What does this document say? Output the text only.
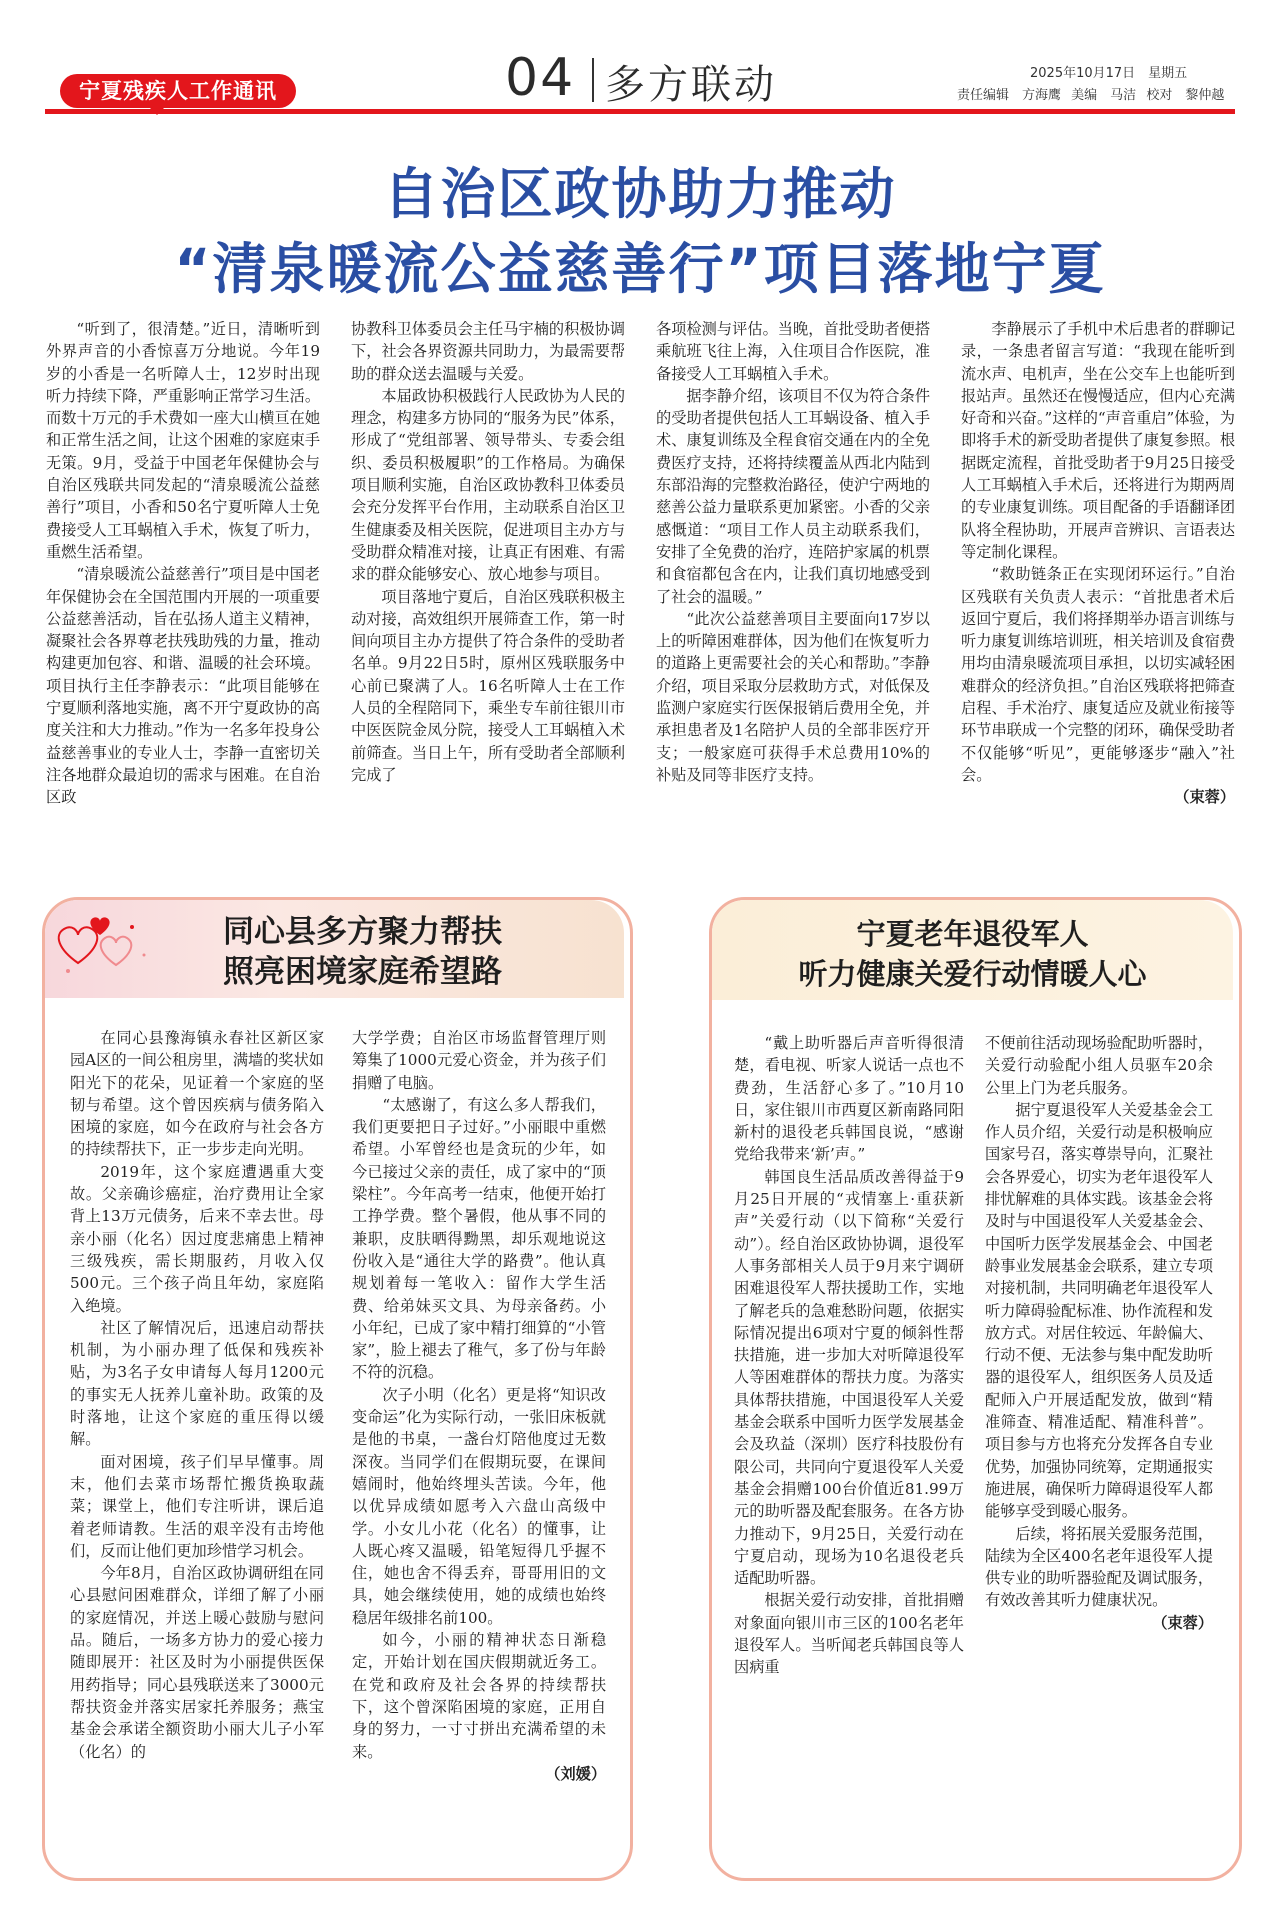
宁夏残疾人工作通讯	04 多方联动	2025年10月17日　星期五
责任编辑　方海鹰 美编　马洁 校对　黎仲越
自治区政协助力推动
“清泉暖流公益慈善行”项目落地宁夏

“听到了，很清楚。”近日，清晰听到外界声音的小香惊喜万分地说。今年19岁的小香是一名听障人士，12岁时出现听力持续下降，严重影响正常学习生活。而数十万元的手术费如一座大山横亘在她和正常生活之间，让这个困难的家庭束手无策。9月，受益于中国老年保健协会与自治区残联共同发起的“清泉暖流公益慈善行”项目，小香和50名宁夏听障人士免费接受人工耳蜗植入手术，恢复了听力，重燃生活希望。

“清泉暖流公益慈善行”项目是中国老年保健协会在全国范围内开展的一项重要公益慈善活动，旨在弘扬人道主义精神，凝聚社会各界尊老扶残助残的力量，推动构建更加包容、和谐、温暖的社会环境。项目执行主任李静表示：“此项目能够在宁夏顺利落地实施，离不开宁夏政协的高度关注和大力推动。”作为一名多年投身公益慈善事业的专业人士，李静一直密切关注各地群众最迫切的需求与困难。在自治区政

协教科卫体委员会主任马宇楠的积极协调下，社会各界资源共同助力，为最需要帮助的群众送去温暖与关爱。

本届政协积极践行人民政协为人民的理念，构建多方协同的“服务为民”体系，形成了“党组部署、领导带头、专委会组织、委员积极履职”的工作格局。为确保项目顺利实施，自治区政协教科卫体委员会充分发挥平台作用，主动联系自治区卫生健康委及相关医院，促进项目主办方与受助群众精准对接，让真正有困难、有需求的群众能够安心、放心地参与项目。

项目落地宁夏后，自治区残联积极主动对接，高效组织开展筛查工作，第一时间向项目主办方提供了符合条件的受助者名单。9月22日5时，原州区残联服务中心前已聚满了人。16名听障人士在工作人员的全程陪同下，乘坐专车前往银川市中医医院金凤分院，接受人工耳蜗植入术前筛查。当日上午，所有受助者全部顺利完成了

各项检测与评估。当晚，首批受助者便搭乘航班飞往上海，入住项目合作医院，准备接受人工耳蜗植入手术。

据李静介绍，该项目不仅为符合条件的受助者提供包括人工耳蜗设备、植入手术、康复训练及全程食宿交通在内的全免费医疗支持，还将持续覆盖从西北内陆到东部沿海的完整救治路径，使沪宁两地的慈善公益力量联系更加紧密。小香的父亲感慨道：“项目工作人员主动联系我们，安排了全免费的治疗，连陪护家属的机票和食宿都包含在内，让我们真切地感受到了社会的温暖。”

“此次公益慈善项目主要面向17岁以上的听障困难群体，因为他们在恢复听力的道路上更需要社会的关心和帮助。”李静介绍，项目采取分层救助方式，对低保及监测户家庭实行医保报销后费用全免，并承担患者及1名陪护人员的全部非医疗开支；一般家庭可获得手术总费用10%的补贴及同等非医疗支持。

李静展示了手机中术后患者的群聊记录，一条患者留言写道：“我现在能听到流水声、电机声，坐在公交车上也能听到报站声。虽然还在慢慢适应，但内心充满好奇和兴奋。”这样的“声音重启”体验，为即将手术的新受助者提供了康复参照。根据既定流程，首批受助者于9月25日接受人工耳蜗植入手术后，还将进行为期两周的专业康复训练。项目配备的手语翻译团队将全程协助，开展声音辨识、言语表达等定制化课程。

“救助链条正在实现闭环运行。”自治区残联有关负责人表示：“首批患者术后返回宁夏后，我们将择期举办语言训练与听力康复训练培训班，相关培训及食宿费用均由清泉暖流项目承担，以切实减轻困难群众的经济负担。”自治区残联将把筛查启程、手术治疗、康复适应及就业衔接等环节串联成一个完整的闭环，确保受助者不仅能够“听见”，更能够逐步“融入”社会。

（束蓉）
同心县多方聚力帮扶
照亮困境家庭希望路

在同心县豫海镇永春社区新区家园A区的一间公租房里，满墙的奖状如阳光下的花朵，见证着一个家庭的坚韧与希望。这个曾因疾病与债务陷入困境的家庭，如今在政府与社会各方的持续帮扶下，正一步步走向光明。

2019年，这个家庭遭遇重大变故。父亲确诊癌症，治疗费用让全家背上13万元债务，后来不幸去世。母亲小丽（化名）因过度悲痛患上精神三级残疾，需长期服药，月收入仅500元。三个孩子尚且年幼，家庭陷入绝境。

社区了解情况后，迅速启动帮扶机制，为小丽办理了低保和残疾补贴，为3名子女申请每人每月1200元的事实无人抚养儿童补助。政策的及时落地，让这个家庭的重压得以缓解。

面对困境，孩子们早早懂事。周末，他们去菜市场帮忙搬货换取蔬菜；课堂上，他们专注听讲，课后追着老师请教。生活的艰辛没有击垮他们，反而让他们更加珍惜学习机会。

今年8月，自治区政协调研组在同心县慰问困难群众，详细了解了小丽的家庭情况，并送上暖心鼓励与慰问品。随后，一场多方协力的爱心接力随即展开：社区及时为小丽提供医保用药指导；同心县残联送来了3000元帮扶资金并落实居家托养服务；燕宝基金会承诺全额资助小丽大儿子小军（化名）的

大学学费；自治区市场监督管理厅则筹集了1000元爱心资金，并为孩子们捐赠了电脑。

“太感谢了，有这么多人帮我们，我们更要把日子过好。”小丽眼中重燃希望。小军曾经也是贪玩的少年，如今已接过父亲的责任，成了家中的“顶梁柱”。今年高考一结束，他便开始打工挣学费。整个暑假，他从事不同的兼职，皮肤晒得黝黑，却乐观地说这份收入是“通往大学的路费”。他认真规划着每一笔收入：留作大学生活费、给弟妹买文具、为母亲备药。小小年纪，已成了家中精打细算的“小管家”，脸上褪去了稚气，多了份与年龄不符的沉稳。

次子小明（化名）更是将“知识改变命运”化为实际行动，一张旧床板就是他的书桌，一盏台灯陪他度过无数深夜。当同学们在假期玩耍，在课间嬉闹时，他始终埋头苦读。今年，他以优异成绩如愿考入六盘山高级中学。小女儿小花（化名）的懂事，让人既心疼又温暖，铅笔短得几乎握不住，她也舍不得丢弃，哥哥用旧的文具，她会继续使用，她的成绩也始终稳居年级排名前100。

如今，小丽的精神状态日渐稳定，开始计划在国庆假期就近务工。在党和政府及社会各界的持续帮扶下，这个曾深陷困境的家庭，正用自身的努力，一寸寸拼出充满希望的未来。

（刘媛）
宁夏老年退役军人
听力健康关爱行动情暖人心

“戴上助听器后声音听得很清楚，看电视、听家人说话一点也不费劲，生活舒心多了。”10月10日，家住银川市西夏区新南路同阳新村的退役老兵韩国良说，“感谢党给我带来‘新’声。”

韩国良生活品质改善得益于9月25日开展的“戎情塞上·重获新声”关爱行动（以下简称“关爱行动”）。经自治区政协协调，退役军人事务部相关人员于9月来宁调研困难退役军人帮扶援助工作，实地了解老兵的急难愁盼问题，依据实际情况提出6项对宁夏的倾斜性帮扶措施，进一步加大对听障退役军人等困难群体的帮扶力度。为落实具体帮扶措施，中国退役军人关爱基金会联系中国听力医学发展基金会及玖益（深圳）医疗科技股份有限公司，共同向宁夏退役军人关爱基金会捐赠100台价值近81.99万元的助听器及配套服务。在各方协力推动下，9月25日，关爱行动在宁夏启动，现场为10名退役老兵适配助听器。

根据关爱行动安排，首批捐赠对象面向银川市三区的100名老年退役军人。当听闻老兵韩国良等人因病重

不便前往活动现场验配助听器时，关爱行动验配小组人员驱车20余公里上门为老兵服务。

据宁夏退役军人关爱基金会工作人员介绍，关爱行动是积极响应国家号召，落实尊崇导向，汇聚社会各界爱心，切实为老年退役军人排忧解难的具体实践。该基金会将及时与中国退役军人关爱基金会、中国听力医学发展基金会、中国老龄事业发展基金会联系，建立专项对接机制，共同明确老年退役军人听力障碍验配标准、协作流程和发放方式。对居住较远、年龄偏大、行动不便、无法参与集中配发助听器的退役军人，组织医务人员及适配师入户开展适配发放，做到“精准筛查、精准适配、精准科普”。项目参与方也将充分发挥各自专业优势，加强协同统筹，定期通报实施进展，确保听力障碍退役军人都能够享受到暖心服务。

后续，将拓展关爱服务范围，陆续为全区400名老年退役军人提供专业的助听器验配及调试服务，有效改善其听力健康状况。

（束蓉）
